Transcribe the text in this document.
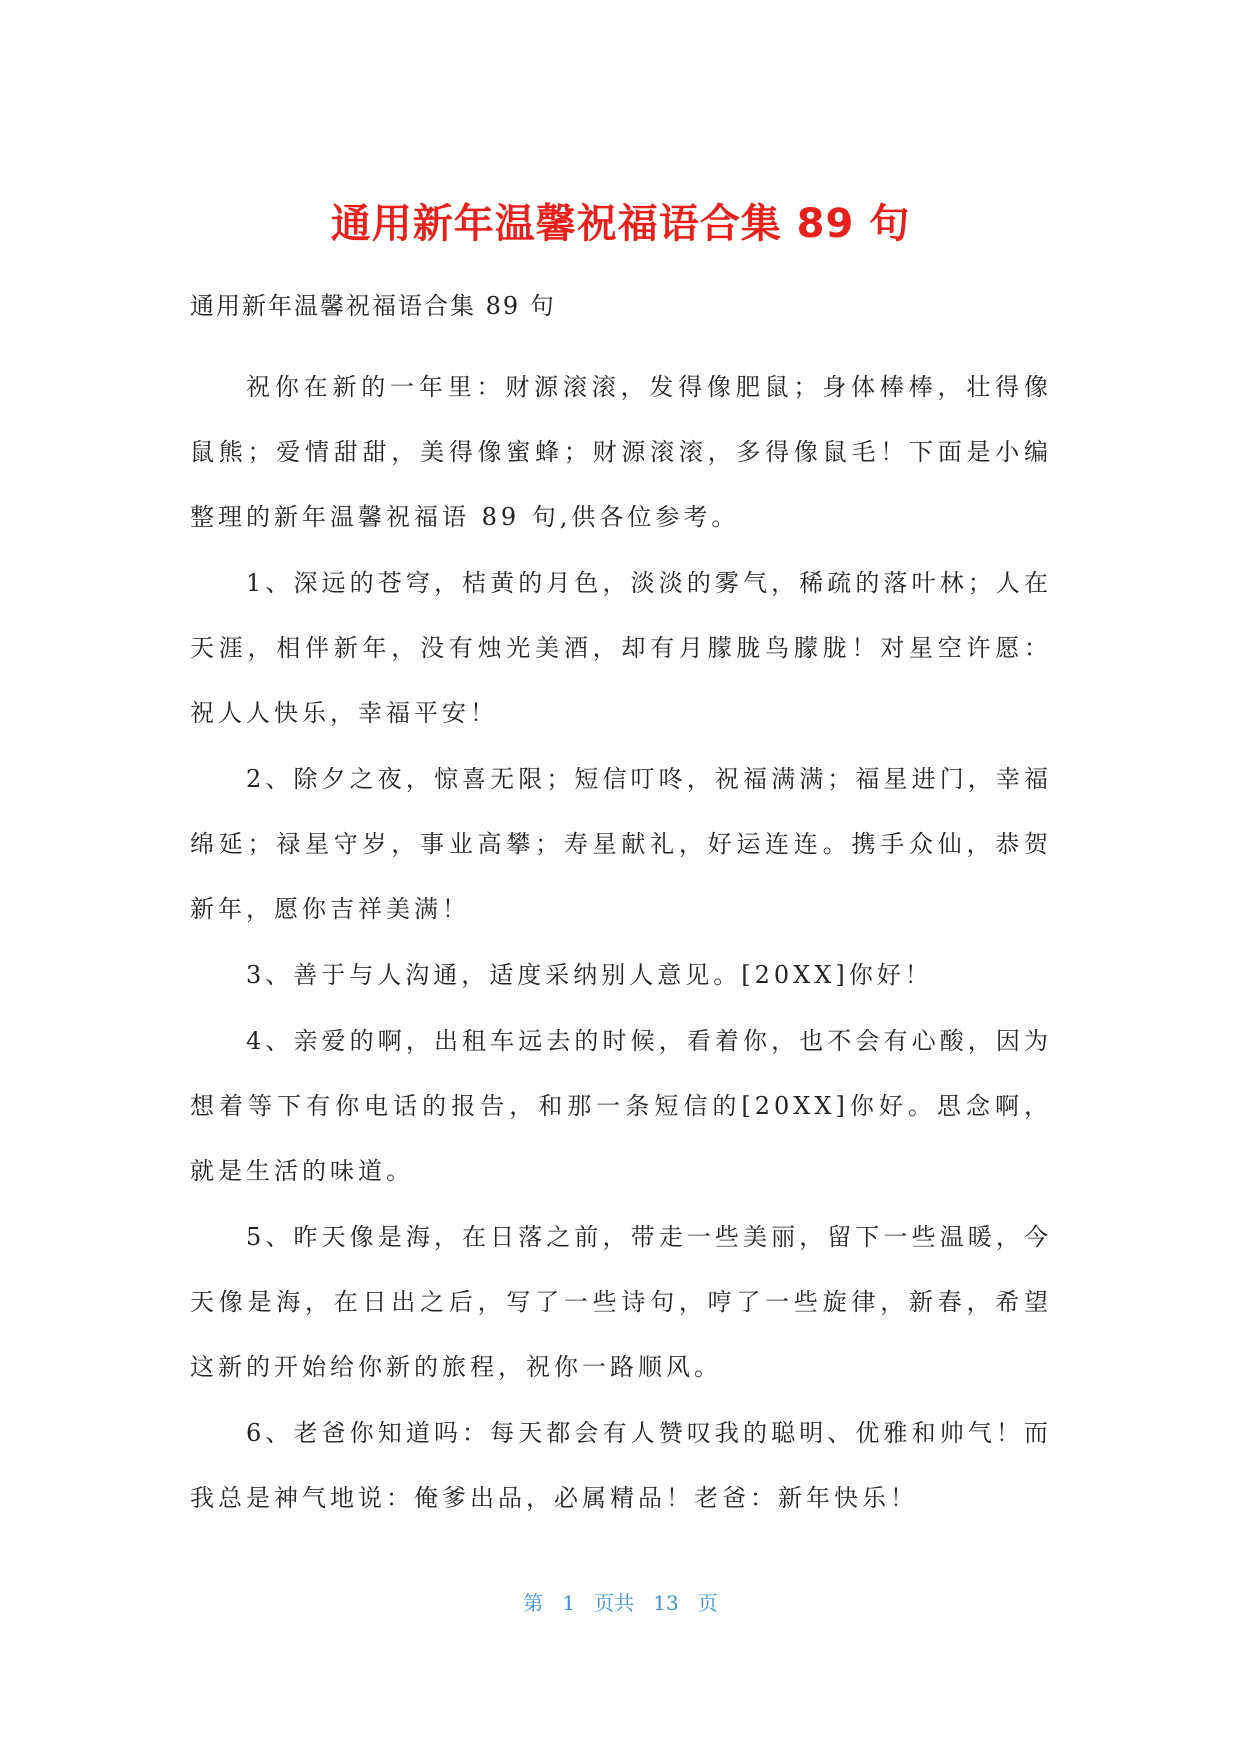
通用新年温馨祝福语合集 89 句
通用新年温馨祝福语合集 89 句

祝你在新的一年里：财源滚滚，发得像肥鼠；身体棒棒，壮得像鼠熊；爱情甜甜，美得像蜜蜂；财源滚滚，多得像鼠毛！下面是小编整理的新年温馨祝福语 89 句,供各位参考。

1、深远的苍穹，桔黄的月色，淡淡的雾气，稀疏的落叶林；人在天涯，相伴新年，没有烛光美酒，却有月朦胧鸟朦胧！对星空许愿：祝人人快乐，幸福平安！

2、除夕之夜，惊喜无限；短信叮咚，祝福满满；福星进门，幸福绵延；禄星守岁，事业高攀；寿星献礼，好运连连。携手众仙，恭贺新年，愿你吉祥美满！

3、善于与人沟通，适度采纳别人意见。[20XX]你好！

4、亲爱的啊，出租车远去的时候，看着你，也不会有心酸，因为想着等下有你电话的报告，和那一条短信的[20XX]你好。思念啊，就是生活的味道。

5、昨天像是海，在日落之前，带走一些美丽，留下一些温暖，今天像是海，在日出之后，写了一些诗句，哼了一些旋律，新春，希望这新的开始给你新的旅程，祝你一路顺风。

6、老爸你知道吗：每天都会有人赞叹我的聪明、优雅和帅气！而我总是神气地说：俺爹出品，必属精品！老爸：新年快乐！

第 1 页共 13 页
